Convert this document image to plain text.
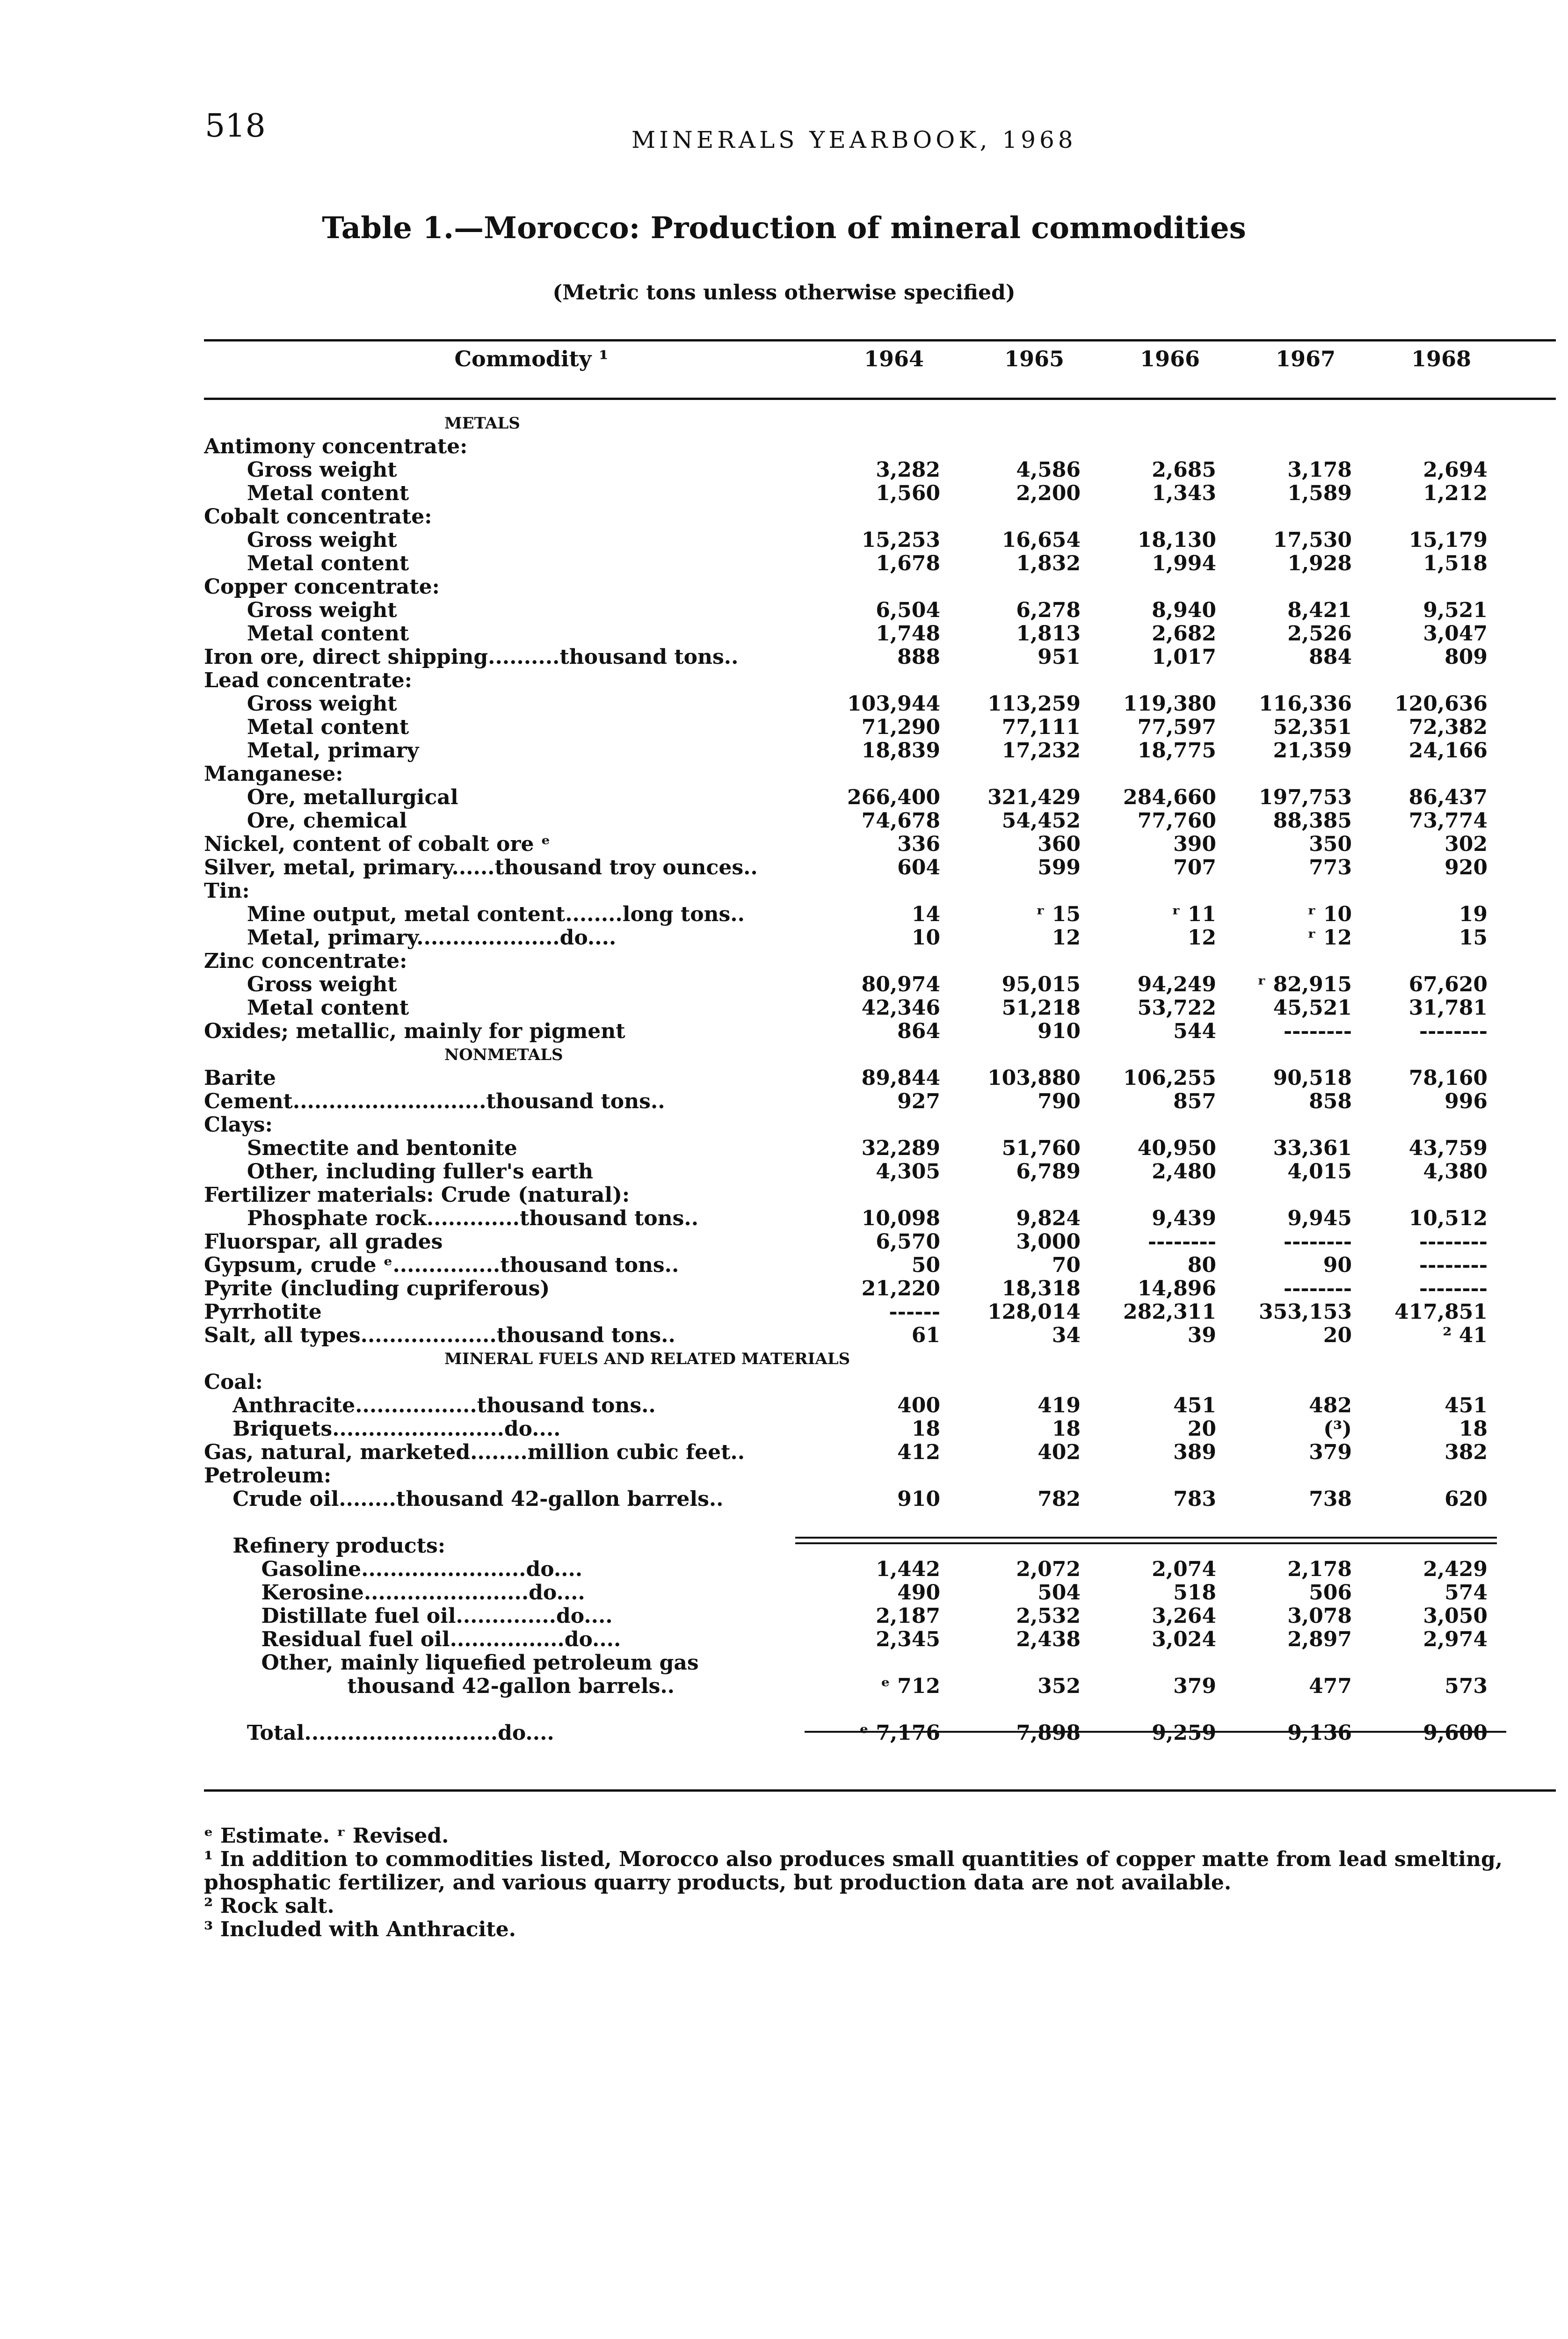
518	MINERALS YEARBOOK, 1968
Table 1.—Morocco: Production of mineral commodities
(Metric tons unless otherwise specified)
Commodity ¹	1964	1965	1966	1967	1968
METALS
Antimony concentrate:
Gross weight	3,282	4,586	2,685	3,178	2,694
Metal content	1,560	2,200	1,343	1,589	1,212
Cobalt concentrate:
Gross weight	15,253	16,654	18,130	17,530	15,179
Metal content	1,678	1,832	1,994	1,928	1,518
Copper concentrate:
Gross weight	6,504	6,278	8,940	8,421	9,521
Metal content	1,748	1,813	2,682	2,526	3,047
Iron ore, direct shipping..........thousand tons..	888	951	1,017	884	809
Lead concentrate:
Gross weight	103,944	113,259	119,380	116,336	120,636
Metal content	71,290	77,111	77,597	52,351	72,382
Metal, primary	18,839	17,232	18,775	21,359	24,166
Manganese:
Ore, metallurgical	266,400	321,429	284,660	197,753	86,437
Ore, chemical	74,678	54,452	77,760	88,385	73,774
Nickel, content of cobalt ore ᵉ	336	360	390	350	302
Silver, metal, primary......thousand troy ounces..	604	599	707	773	920
Tin:
Mine output, metal content........long tons..	14	ʳ 15	ʳ 11	ʳ 10	19
Metal, primary....................do....	10	12	12	ʳ 12	15
Zinc concentrate:
Gross weight	80,974	95,015	94,249	ʳ 82,915	67,620
Metal content	42,346	51,218	53,722	45,521	31,781
Oxides; metallic, mainly for pigment	864	910	544	--------	--------
NONMETALS
Barite	89,844	103,880	106,255	90,518	78,160
Cement...........................thousand tons..	927	790	857	858	996
Clays:
Smectite and bentonite	32,289	51,760	40,950	33,361	43,759
Other, including fuller's earth	4,305	6,789	2,480	4,015	4,380
Fertilizer materials: Crude (natural):
Phosphate rock.............thousand tons..	10,098	9,824	9,439	9,945	10,512
Fluorspar, all grades	6,570	3,000	--------	--------	--------
Gypsum, crude ᵉ...............thousand tons..	50	70	80	90	--------
Pyrite (including cupriferous)	21,220	18,318	14,896	--------	--------
Pyrrhotite	------	128,014	282,311	353,153	417,851
Salt, all types...................thousand tons..	61	34	39	20	² 41
MINERAL FUELS AND RELATED MATERIALS
Coal:
Anthracite.................thousand tons..	400	419	451	482	451
Briquets........................do....	18	18	20	(³)	18
Gas, natural, marketed........million cubic feet..	412	402	389	379	382
Petroleum:
Crude oil........thousand 42-gallon barrels..	910	782	783	738	620
Refinery products:
Gasoline.......................do....	1,442	2,072	2,074	2,178	2,429
Kerosine.......................do....	490	504	518	506	574
Distillate fuel oil..............do....	2,187	2,532	3,264	3,078	3,050
Residual fuel oil................do....	2,345	2,438	3,024	2,897	2,974
Other, mainly liquefied petroleum gas
thousand 42-gallon barrels..	ᵉ 712	352	379	477	573
Total...........................do....	ᵉ 7,176	7,898	9,259	9,136	9,600
ᵉ Estimate. ʳ Revised.
¹ In addition to commodities listed, Morocco also produces small quantities of copper matte from lead smelting, phosphatic fertilizer, and various quarry products, but production data are not available.
² Rock salt.
³ Included with Anthracite.
